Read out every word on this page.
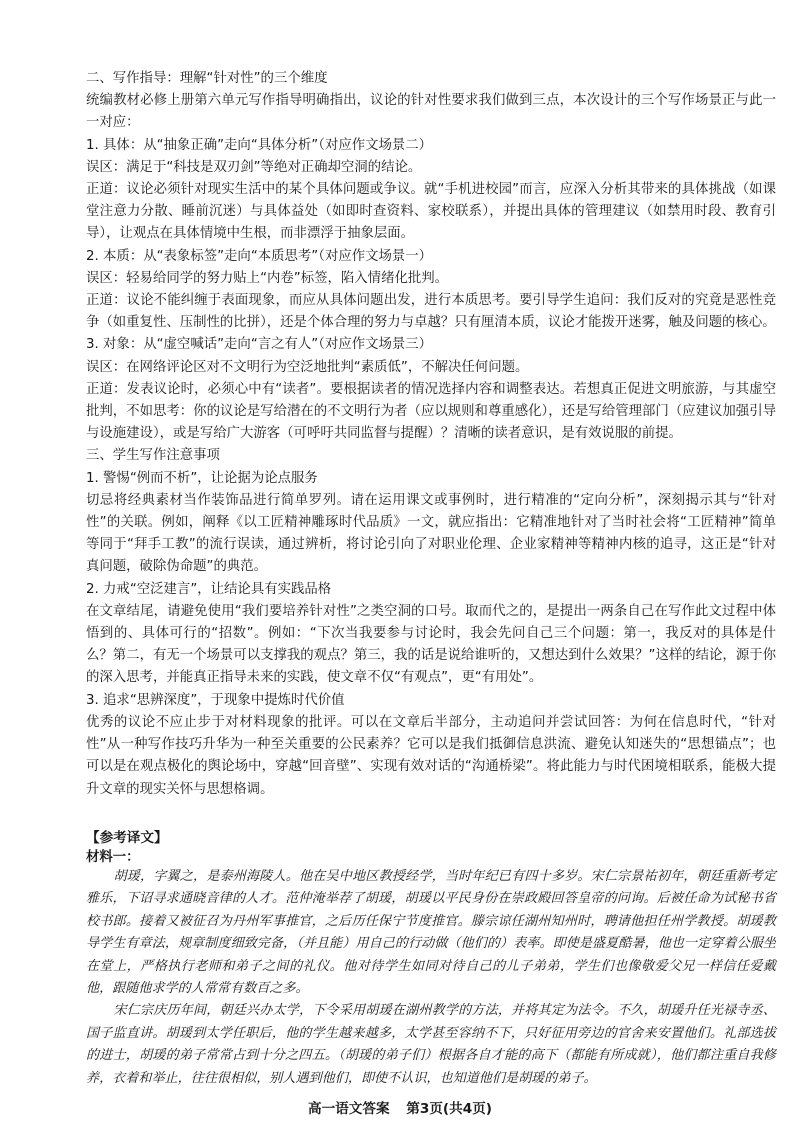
二、写作指导：理解“针对性”的三个维度
统编教材必修上册第六单元写作指导明确指出，议论的针对性要求我们做到三点，本次设计的三个写作场景正与此一一对应：
1. 具体：从“抽象正确”走向“具体分析”（对应作文场景二）
误区：满足于“科技是双刃剑”等绝对正确却空洞的结论。
正道：议论必须针对现实生活中的某个具体问题或争议。就“手机进校园”而言，应深入分析其带来的具体挑战（如课堂注意力分散、睡前沉迷）与具体益处（如即时查资料、家校联系），并提出具体的管理建议（如禁用时段、教育引导），让观点在具体情境中生根，而非漂浮于抽象层面。
2. 本质：从“表象标签”走向“本质思考”（对应作文场景一）
误区：轻易给同学的努力贴上“内卷”标签，陷入情绪化批判。
正道：议论不能纠缠于表面现象，而应从具体问题出发，进行本质思考。要引导学生追问：我们反对的究竟是恶性竞争（如重复性、压制性的比拼），还是个体合理的努力与卓越？只有厘清本质，议论才能拨开迷雾，触及问题的核心。
3. 对象：从“虚空喊话”走向“言之有人”（对应作文场景三）
误区：在网络评论区对不文明行为空泛地批判“素质低”，不解决任何问题。
正道：发表议论时，必须心中有“读者”。要根据读者的情况选择内容和调整表达。若想真正促进文明旅游，与其虚空批判，不如思考：你的议论是写给潜在的不文明行为者（应以规则和尊重感化），还是写给管理部门（应建议加强引导与设施建设），或是写给广大游客（可呼吁共同监督与提醒）？清晰的读者意识，是有效说服的前提。
三、学生写作注意事项
1. 警惕“例而不析”，让论据为论点服务
切忌将经典素材当作装饰品进行简单罗列。请在运用课文或事例时，进行精准的“定向分析”，深刻揭示其与“针对性”的关联。例如，阐释《以工匠精神雕琢时代品质》一文，就应指出：它精准地针对了当时社会将“工匠精神”简单等同于“拜手工教”的流行误读，通过辨析，将讨论引向了对职业伦理、企业家精神等精神内核的追寻，这正是“针对真问题，破除伪命题”的典范。
2. 力戒“空泛建言”，让结论具有实践品格
在文章结尾，请避免使用“我们要培养针对性”之类空洞的口号。取而代之的，是提出一两条自己在写作此文过程中体悟到的、具体可行的“招数”。例如：“下次当我要参与讨论时，我会先问自己三个问题：第一，我反对的具体是什么？第二，有无一个场景可以支撑我的观点？第三，我的话是说给谁听的，又想达到什么效果？”这样的结论，源于你的深入思考，并能真正指导未来的实践，使文章不仅“有观点”，更“有用处”。
3. 追求“思辨深度”，于现象中提炼时代价值
优秀的议论不应止步于对材料现象的批评。可以在文章后半部分，主动追问并尝试回答：为何在信息时代，“针对性”从一种写作技巧升华为一种至关重要的公民素养？它可以是我们抵御信息洪流、避免认知迷失的“思想锚点”；也可以是在观点极化的舆论场中，穿越“回音壁”、实现有效对话的“沟通桥梁”。将此能力与时代困境相联系，能极大提升文章的现实关怀与思想格调。
【参考译文】
材料一：

胡瑗，字翼之，是泰州海陵人。他在吴中地区教授经学，当时年纪已有四十多岁。宋仁宗景祐初年，朝廷重新考定雅乐，下诏寻求通晓音律的人才。范仲淹举荐了胡瑗，胡瑗以平民身份在崇政殿回答皇帝的问询。后被任命为试秘书省校书郎。接着又被征召为丹州军事推官，之后历任保宁节度推官。滕宗谅任湖州知州时，聘请他担任州学教授。胡瑗教导学生有章法，规章制度细致完备，（并且能）用自己的行动做（他们的）表率。即使是盛夏酷暑，他也一定穿着公服坐在堂上，严格执行老师和弟子之间的礼仪。他对待学生如同对待自己的儿子弟弟，学生们也像敬爱父兄一样信任爱戴他，跟随他求学的人常常有数百之多。

宋仁宗庆历年间，朝廷兴办太学，下令采用胡瑗在湖州教学的方法，并将其定为法令。不久，胡瑗升任光禄寺丞、国子监直讲。胡瑗到太学任职后，他的学生越来越多，太学甚至容纳不下，只好征用旁边的官舍来安置他们。礼部选拔的进士，胡瑗的弟子常常占到十分之四五。（胡瑗的弟子们）根据各自才能的高下（都能有所成就），他们都注重自我修养，衣着和举止，往往很相似，别人遇到他们，即使不认识，也知道他们是胡瑗的弟子。

高一语文答案 第3页(共4页)
